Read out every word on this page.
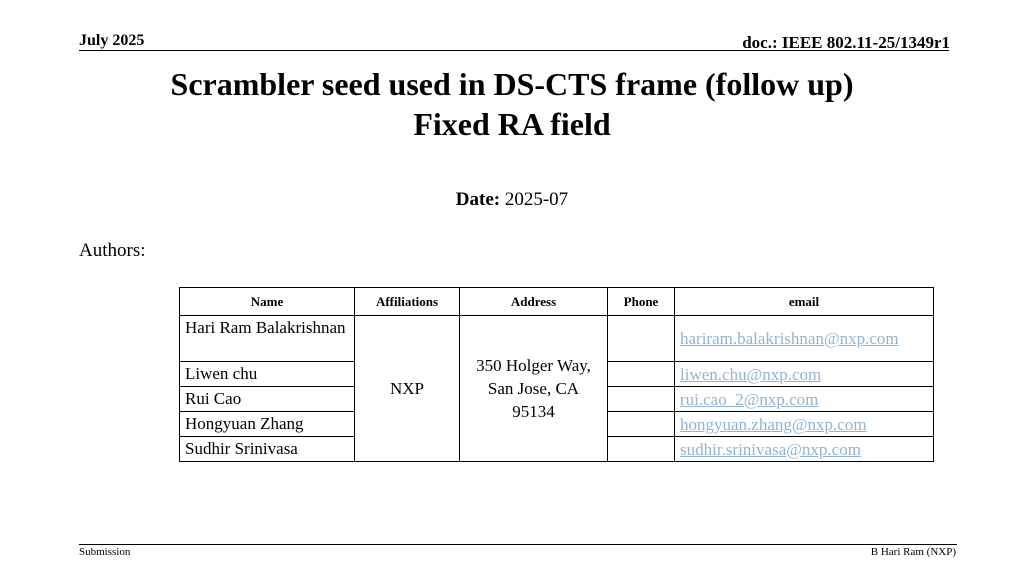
July 2025	doc.: IEEE 802.11-25/1349r1
Scrambler seed used in DS-CTS frame (follow up)
Fixed RA field
Date: 2025-07
Authors:
Name	Affiliations	Address	Phone	email
Hari Ram Balakrishnan	NXP	350 Holger Way,
San Jose, CA
95134		hariram.balakrishnan@nxp.com
Liwen chu				liwen.chu@nxp.com
Rui Cao				rui.cao_2@nxp.com
Hongyuan Zhang				hongyuan.zhang@nxp.com
Sudhir Srinivasa				sudhir.srinivasa@nxp.com
Submission	B Hari Ram (NXP)
